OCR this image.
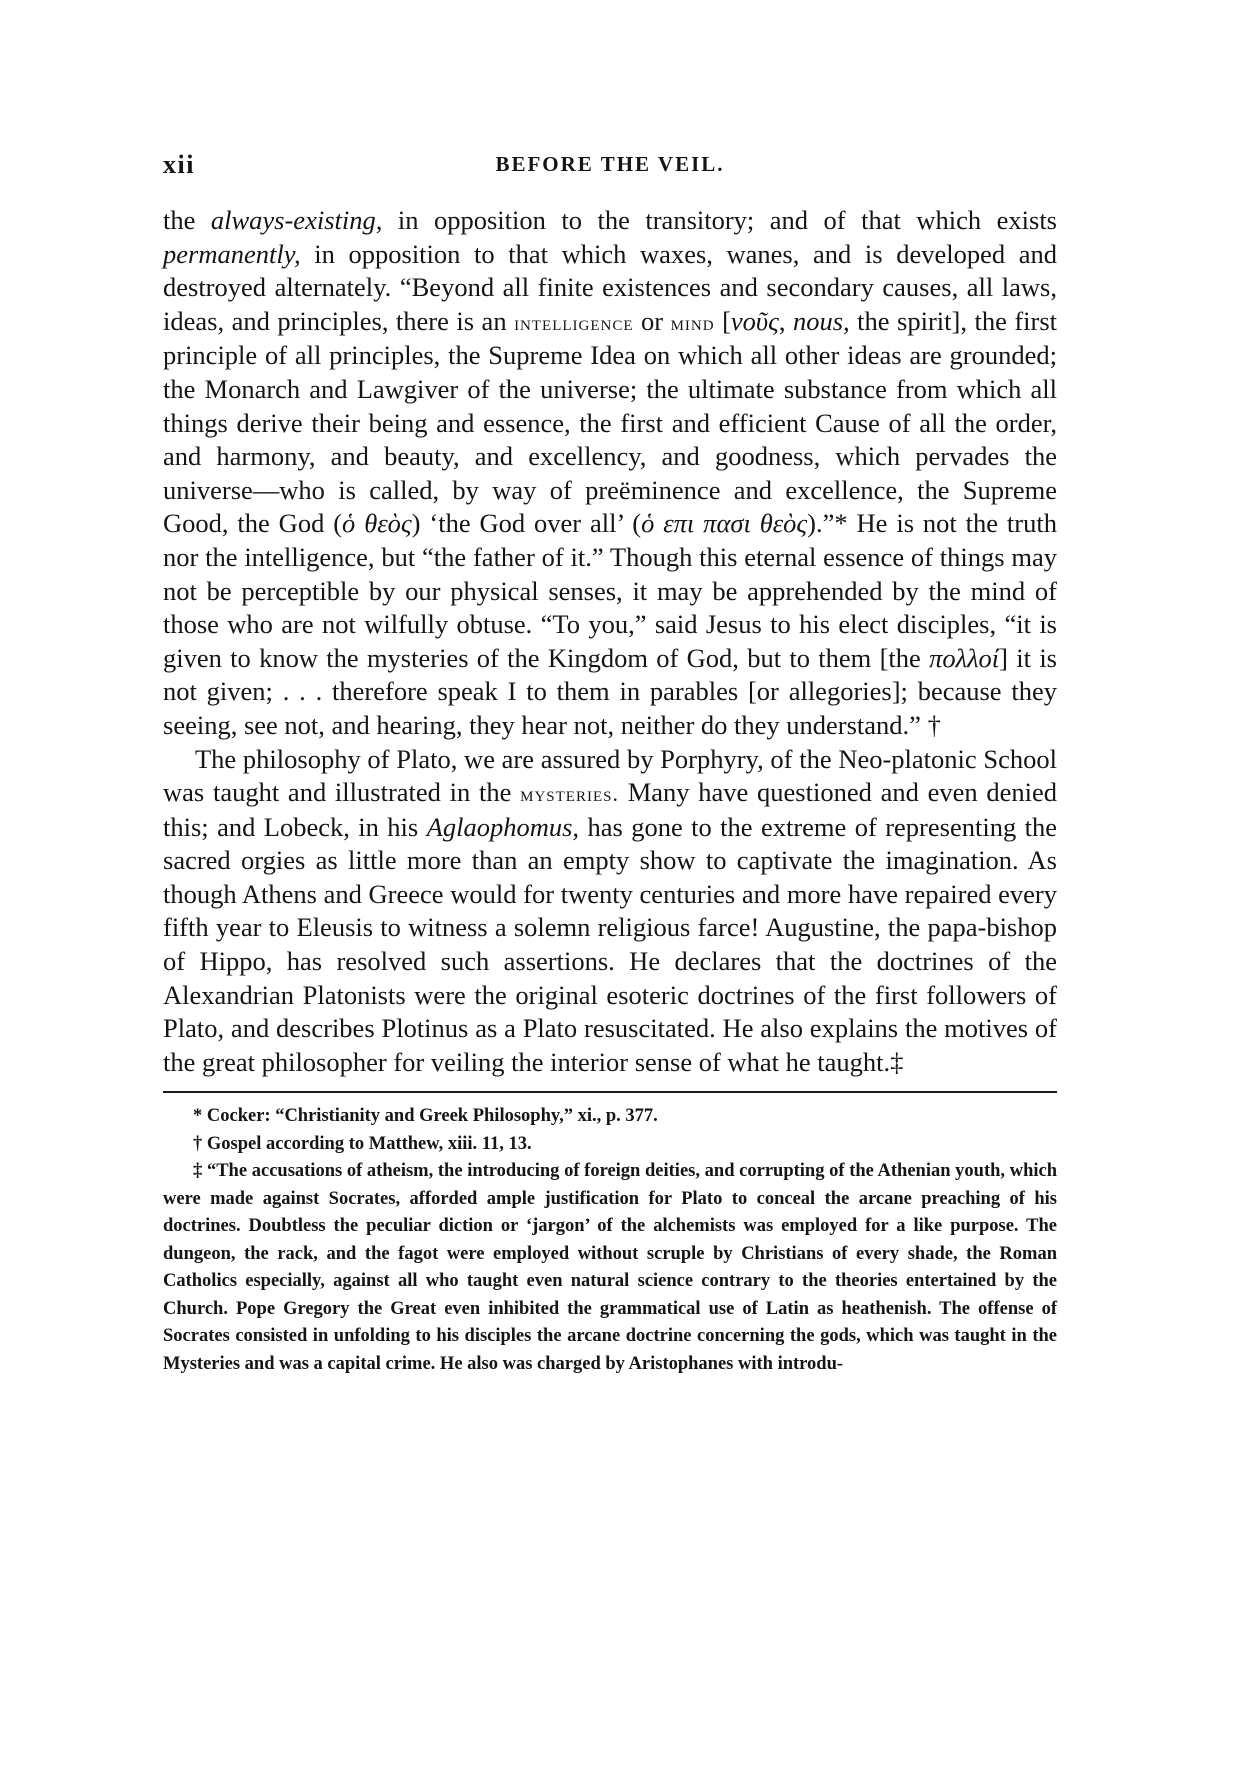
xii	BEFORE THE VEIL.

the always-existing, in opposition to the transitory; and of that which exists permanently, in opposition to that which waxes, wanes, and is developed and destroyed alternately. “Beyond all finite existences and secondary causes, all laws, ideas, and principles, there is an intelligence or mind [νοῦς, nous, the spirit], the first principle of all principles, the Supreme Idea on which all other ideas are grounded; the Monarch and Lawgiver of the universe; the ultimate substance from which all things derive their being and essence, the first and efficient Cause of all the order, and harmony, and beauty, and excellency, and goodness, which pervades the universe—who is called, by way of preëminence and excellence, the Supreme Good, the God (ὁ θεὸς) ‘the God over all’ (ὁ επι πασι θεὸς).”* He is not the truth nor the intelligence, but “the father of it.” Though this eternal essence of things may not be perceptible by our physical senses, it may be apprehended by the mind of those who are not wilfully obtuse. “To you,” said Jesus to his elect disciples, “it is given to know the mysteries of the Kingdom of God, but to them [the πολλοί] it is not given; . . . therefore speak I to them in parables [or allegories]; because they seeing, see not, and hearing, they hear not, neither do they understand.” †

The philosophy of Plato, we are assured by Porphyry, of the Neo-platonic School was taught and illustrated in the mysteries. Many have questioned and even denied this; and Lobeck, in his Aglaophomus, has gone to the extreme of representing the sacred orgies as little more than an empty show to captivate the imagination. As though Athens and Greece would for twenty centuries and more have repaired every fifth year to Eleusis to witness a solemn religious farce! Augustine, the papa-bishop of Hippo, has resolved such assertions. He declares that the doctrines of the Alexandrian Platonists were the original esoteric doctrines of the first followers of Plato, and describes Plotinus as a Plato resuscitated. He also explains the motives of the great philosopher for veiling the interior sense of what he taught.‡

* Cocker: “Christianity and Greek Philosophy,” xi., p. 377.

† Gospel according to Matthew, xiii. 11, 13.

‡ “The accusations of atheism, the introducing of foreign deities, and corrupting of the Athenian youth, which were made against Socrates, afforded ample justification for Plato to conceal the arcane preaching of his doctrines. Doubtless the peculiar diction or ‘jargon’ of the alchemists was employed for a like purpose. The dungeon, the rack, and the fagot were employed without scruple by Christians of every shade, the Roman Catholics especially, against all who taught even natural science contrary to the theories entertained by the Church. Pope Gregory the Great even inhibited the grammatical use of Latin as heathenish. The offense of Socrates consisted in unfolding to his disciples the arcane doctrine concerning the gods, which was taught in the Mysteries and was a capital crime. He also was charged by Aristophanes with introdu-
